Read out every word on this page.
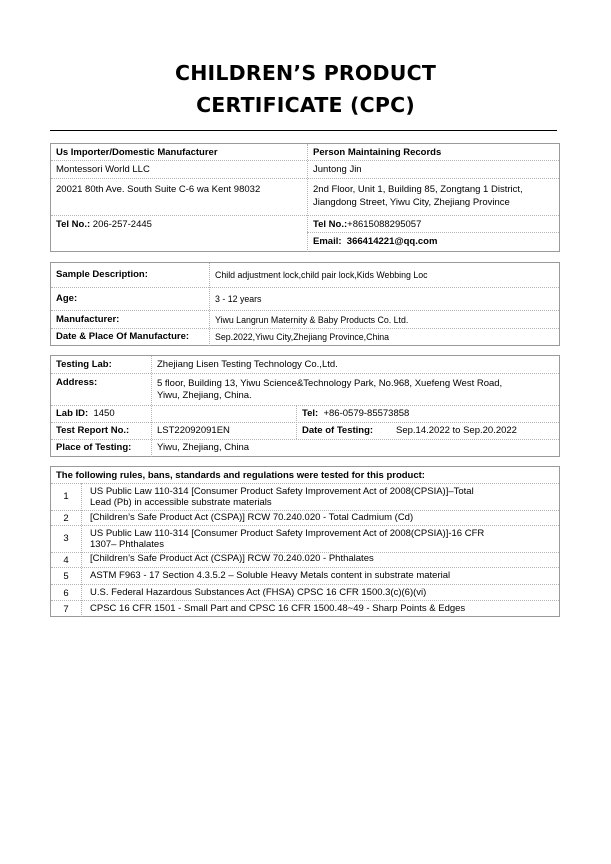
CHILDREN’S PRODUCT
CERTIFICATE (CPC)
Us Importer/Domestic Manufacturer	Person Maintaining Records
Montessori World LLC	Juntong Jin
20021 80th Ave. South Suite C-6 wa Kent 98032	2nd Floor, Unit 1, Building 85, Zongtang 1 District,
Jiangdong Street, Yiwu City, Zhejiang Province
Tel No.: 206-257-2445	Tel No.:+8615088295057
Email: 366414221@qq.com
Sample Description:	Child adjustment lock,child pair lock,Kids Webbing Loc
Age:	3 - 12 years
Manufacturer:	Yiwu Langrun Maternity & Baby Products Co. Ltd.
Date & Place Of Manufacture:	Sep.2022,Yiwu City,Zhejiang Province,China
Testing Lab:	Zhejiang Lisen Testing Technology Co.,Ltd.
Address:	5 floor, Building 13, Yiwu Science&Technology Park, No.968, Xuefeng West Road,
Yiwu, Zhejiang, China.
Lab ID: 1450	Tel: +86-0579-85573858
Test Report No.:	LST22092091EN	Date of Testing: Sep.14.2022 to Sep.20.2022
Place of Testing:	Yiwu, Zhejiang, China
The following rules, bans, standards and regulations were tested for this product:
1 US Public Law 110-314 [Consumer Product Safety Improvement Act of 2008(CPSIA)]–Total
Lead (Pb) in accessible substrate materials
2 [Children’s Safe Product Act (CSPA)] RCW 70.240.020 - Total Cadmium (Cd)
3 US Public Law 110-314 [Consumer Product Safety Improvement Act of 2008(CPSIA)]-16 CFR
1307– Phthalates
4 [Children’s Safe Product Act (CSPA)] RCW 70.240.020 - Phthalates
5 ASTM F963 - 17 Section 4.3.5.2 – Soluble Heavy Metals content in substrate material
6 U.S. Federal Hazardous Substances Act (FHSA) CPSC 16 CFR 1500.3(c)(6)(vi)
7 CPSC 16 CFR 1501 - Small Part and CPSC 16 CFR 1500.48~49 - Sharp Points & Edges
